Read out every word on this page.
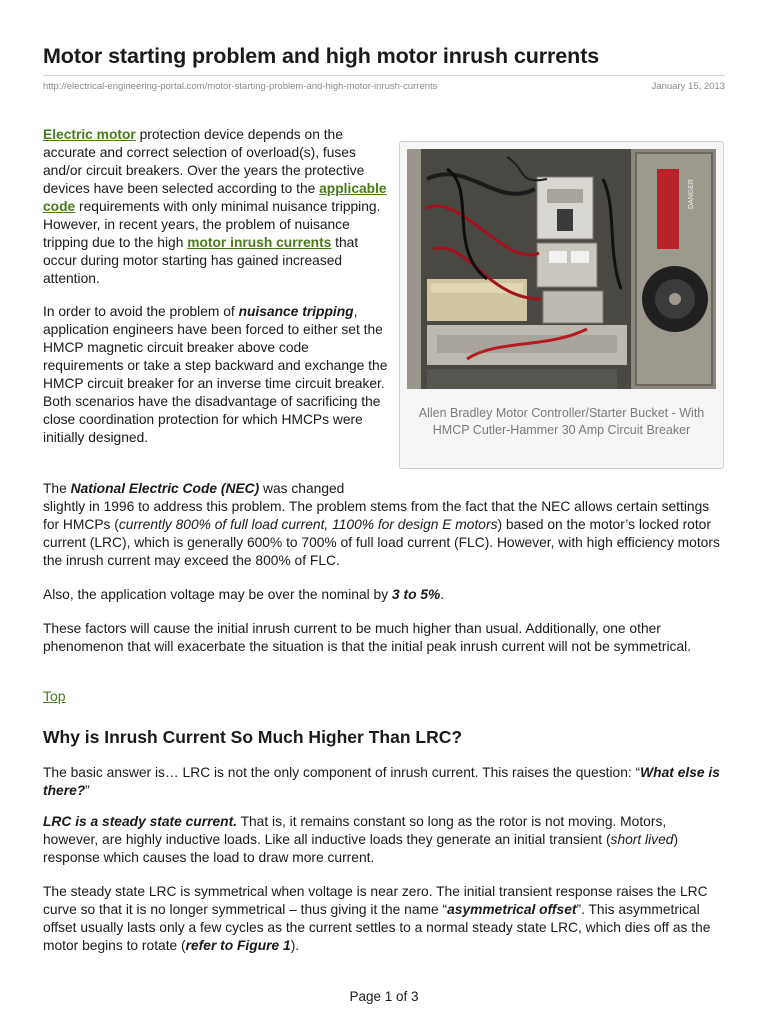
Motor starting problem and high motor inrush currents
http://electrical-engineering-portal.com/motor-starting-problem-and-high-motor-inrush-currents	January 15, 2013

Electric motor protection device depends on the accurate and correct selection of overload(s), fuses and/or circuit breakers. Over the years the protective devices have been selected according to the applicable code requirements with only minimal nuisance tripping. However, in recent years, the problem of nuisance tripping due to the high motor inrush currents that occur during motor starting has gained increased attention.

In order to avoid the problem of nuisance tripping, application engineers have been forced to either set the HMCP magnetic circuit breaker above code requirements or take a step backward and exchange the HMCP circuit breaker for an inverse time circuit breaker. Both scenarios have the disadvantage of sacrificing the close coordination protection for which HMCPs were initially designed.

DANGER
Allen Bradley Motor Controller/Starter Bucket - With HMCP Cutler-Hammer 30 Amp Circuit Breaker

The National Electric Code (NEC) was changed
slightly in 1996 to address this problem. The problem stems from the fact that the NEC allows certain settings for HMCPs (currently 800% of full load current, 1100% for design E motors) based on the motor’s locked rotor current (LRC), which is generally 600% to 700% of full load current (FLC). However, with high efficiency motors the inrush current may exceed the 800% of FLC.

Also, the application voltage may be over the nominal by 3 to 5%.

These factors will cause the initial inrush current to be much higher than usual. Additionally, one other phenomenon that will exacerbate the situation is that the initial peak inrush current will not be symmetrical.

Top
Why is Inrush Current So Much Higher Than LRC?

The basic answer is… LRC is not the only component of inrush current. This raises the question: “What else is there?”

LRC is a steady state current. That is, it remains constant so long as the rotor is not moving. Motors, however, are highly inductive loads. Like all inductive loads they generate an initial transient (short lived) response which causes the load to draw more current.

The steady state LRC is symmetrical when voltage is near zero. The initial transient response raises the LRC curve so that it is no longer symmetrical – thus giving it the name “asymmetrical offset”. This asymmetrical offset usually lasts only a few cycles as the current settles to a normal steady state LRC, which dies off as the motor begins to rotate (refer to Figure 1).

Page 1 of 3
